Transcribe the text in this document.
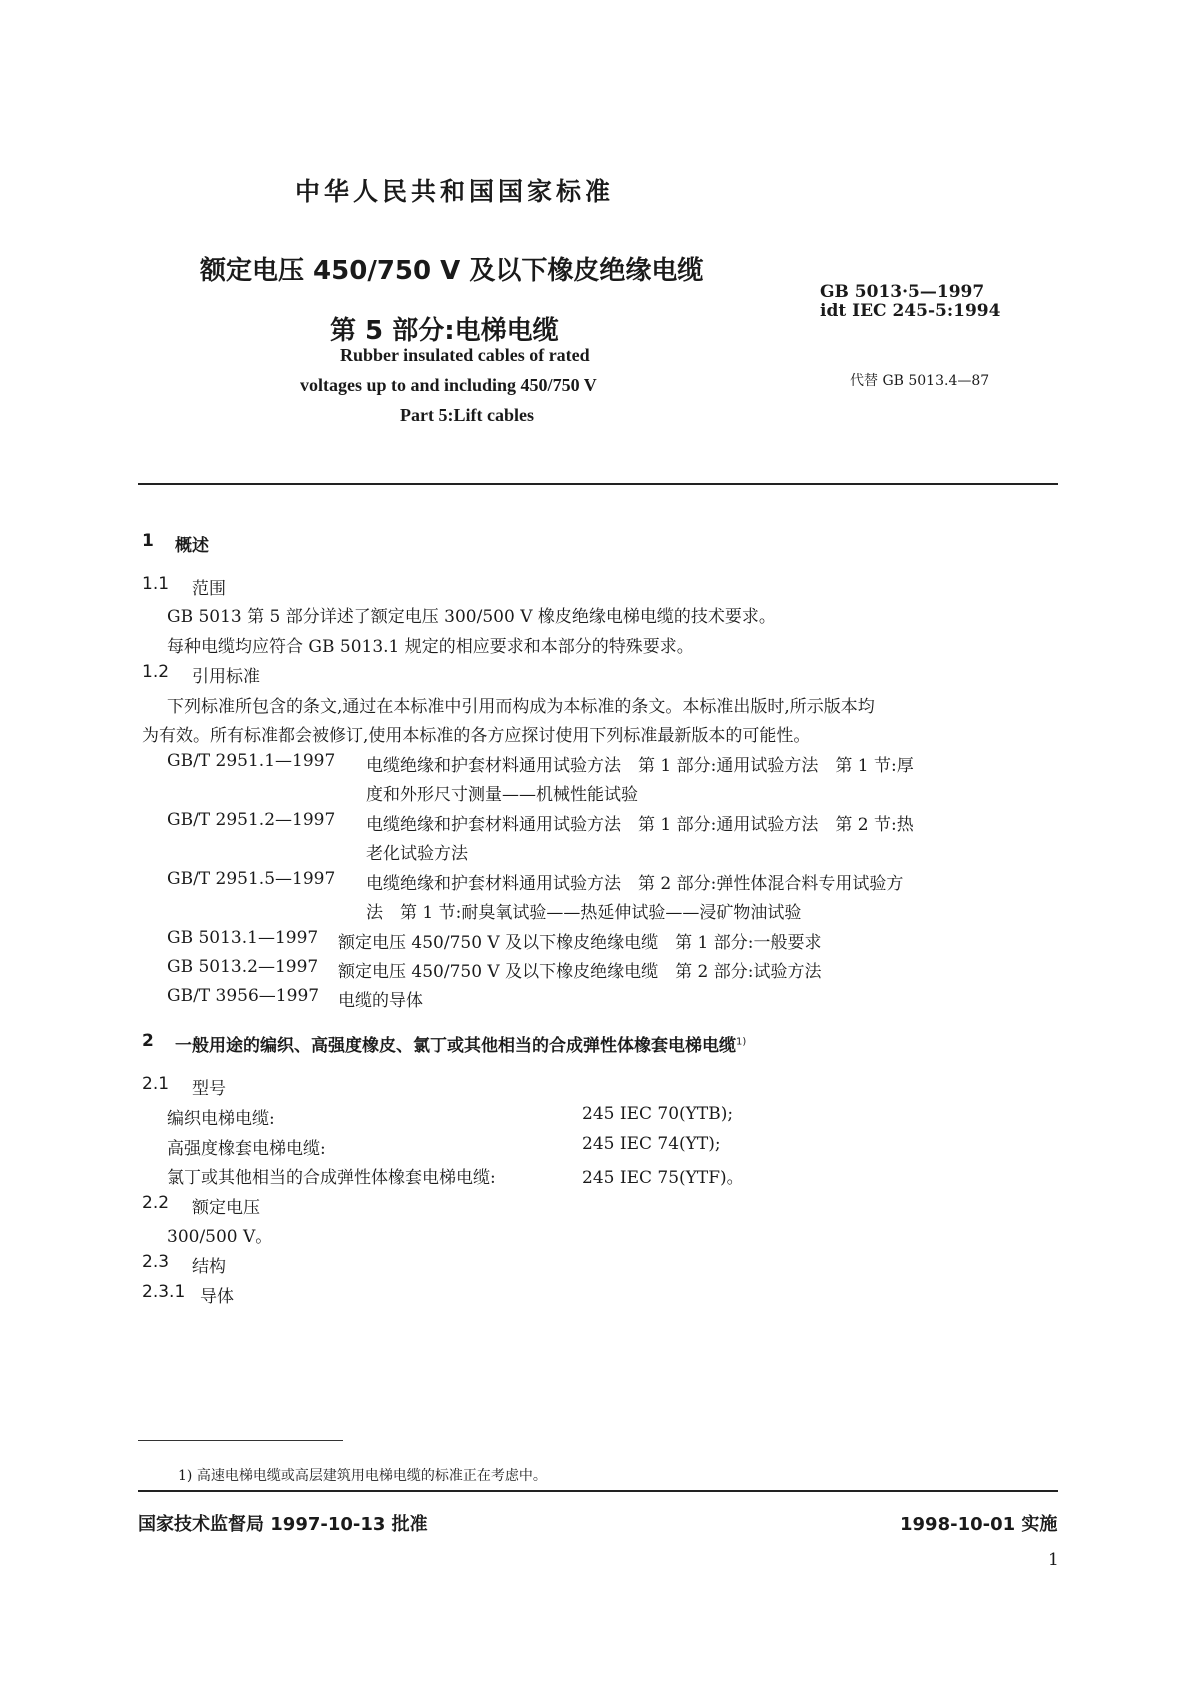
中华人民共和国国家标准
额定电压 450/750 V 及以下橡皮绝缘电缆
第 5 部分:电梯电缆
GB 5013·5—1997
idt IEC 245-5:1994
代替 GB 5013.4—87
Rubber insulated cables of rated
voltages up to and including 450/750 V
Part 5:Lift cables
1 概述
1.1 范围
GB 5013 第 5 部分详述了额定电压 300/500 V 橡皮绝缘电梯电缆的技术要求。
每种电缆均应符合 GB 5013.1 规定的相应要求和本部分的特殊要求。
1.2 引用标准
下列标准所包含的条文,通过在本标准中引用而构成为本标准的条文。本标准出版时,所示版本均
为有效。所有标准都会被修订,使用本标准的各方应探讨使用下列标准最新版本的可能性。
GB/T 2951.1—1997 电缆绝缘和护套材料通用试验方法　第 1 部分:通用试验方法　第 1 节:厚
度和外形尺寸测量——机械性能试验
GB/T 2951.2—1997 电缆绝缘和护套材料通用试验方法　第 1 部分:通用试验方法　第 2 节:热
老化试验方法
GB/T 2951.5—1997 电缆绝缘和护套材料通用试验方法　第 2 部分:弹性体混合料专用试验方
法　第 1 节:耐臭氧试验——热延伸试验——浸矿物油试验
GB 5013.1—1997 额定电压 450/750 V 及以下橡皮绝缘电缆　第 1 部分:一般要求
GB 5013.2—1997 额定电压 450/750 V 及以下橡皮绝缘电缆　第 2 部分:试验方法
GB/T 3956—1997 电缆的导体
2 一般用途的编织、高强度橡皮、氯丁或其他相当的合成弹性体橡套电梯电缆$^{1)}$
2.1 型号
编织电梯电缆:	245 IEC 70(YTB);
高强度橡套电梯电缆:	245 IEC 74(YT);
氯丁或其他相当的合成弹性体橡套电梯电缆:	245 IEC 75(YTF)。
2.2 额定电压
300/500 V。
2.3 结构
2.3.1 导体
1) 高速电梯电缆或高层建筑用电梯电缆的标准正在考虑中。
国家技术监督局 1997-10-13 批准	1998-10-01 实施
1
